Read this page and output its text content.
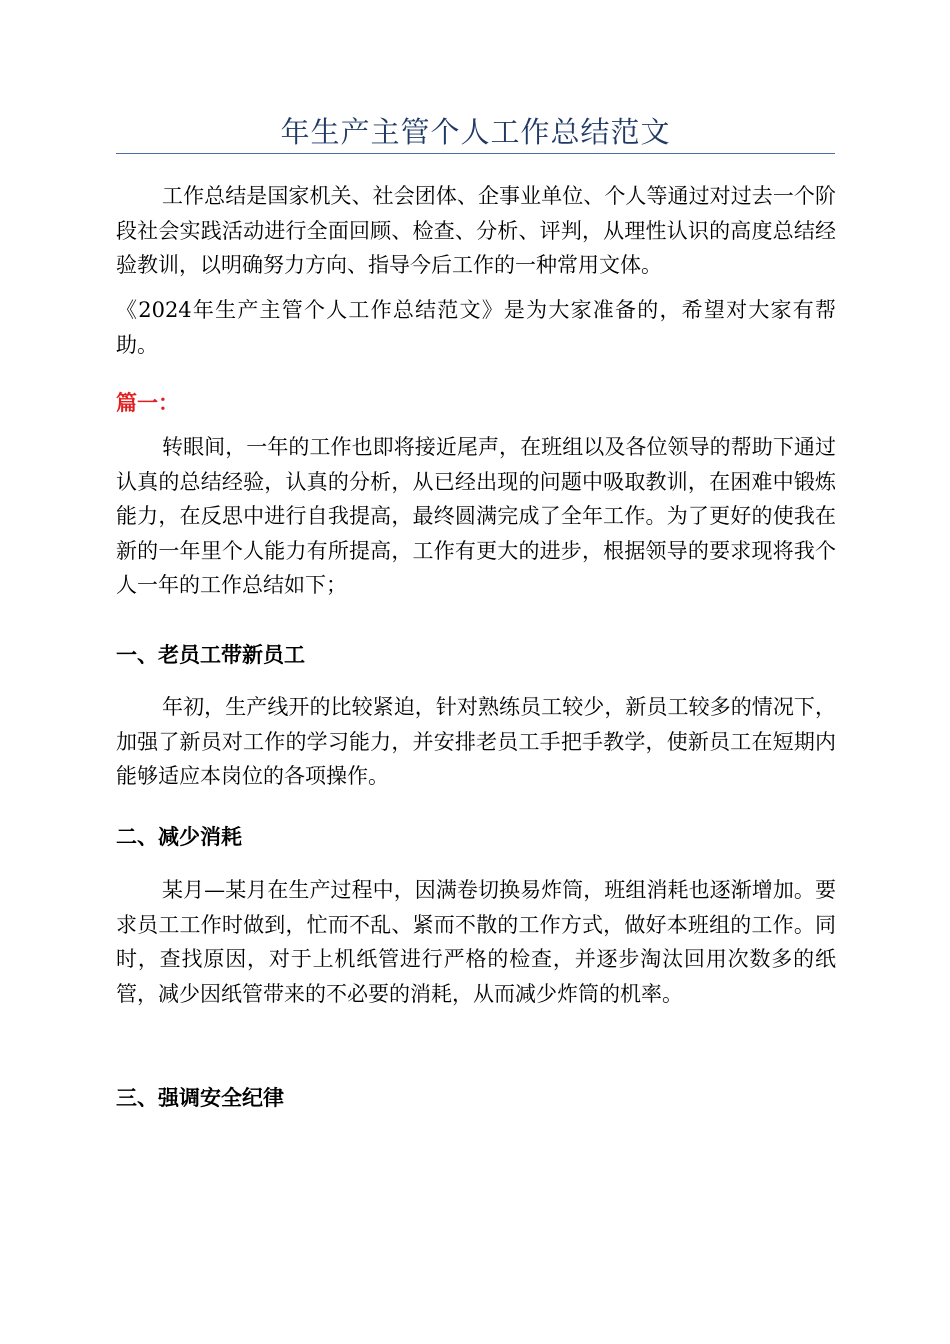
年生产主管个人工作总结范文

工作总结是国家机关、社会团体、企事业单位、个人等通过对过去一个阶段社会实践活动进行全面回顾、检查、分析、评判，从理性认识的高度总结经验教训，以明确努力方向、指导今后工作的一种常用文体。

《2024年生产主管个人工作总结范文》是为大家准备的，希望对大家有帮助。

篇一：

转眼间，一年的工作也即将接近尾声，在班组以及各位领导的帮助下通过认真的总结经验，认真的分析，从已经出现的问题中吸取教训，在困难中锻炼能力，在反思中进行自我提高，最终圆满完成了全年工作。为了更好的使我在新的一年里个人能力有所提高，工作有更大的进步，根据领导的要求现将我个人一年的工作总结如下；

一、老员工带新员工

年初，生产线开的比较紧迫，针对熟练员工较少，新员工较多的情况下，加强了新员对工作的学习能力，并安排老员工手把手教学，使新员工在短期内能够适应本岗位的各项操作。

二、减少消耗

某月—某月在生产过程中，因满卷切换易炸筒，班组消耗也逐渐增加。要求员工工作时做到，忙而不乱、紧而不散的工作方式，做好本班组的工作。同时，查找原因，对于上机纸管进行严格的检查，并逐步淘汰回用次数多的纸管，减少因纸管带来的不必要的消耗，从而减少炸筒的机率。

三、强调安全纪律
